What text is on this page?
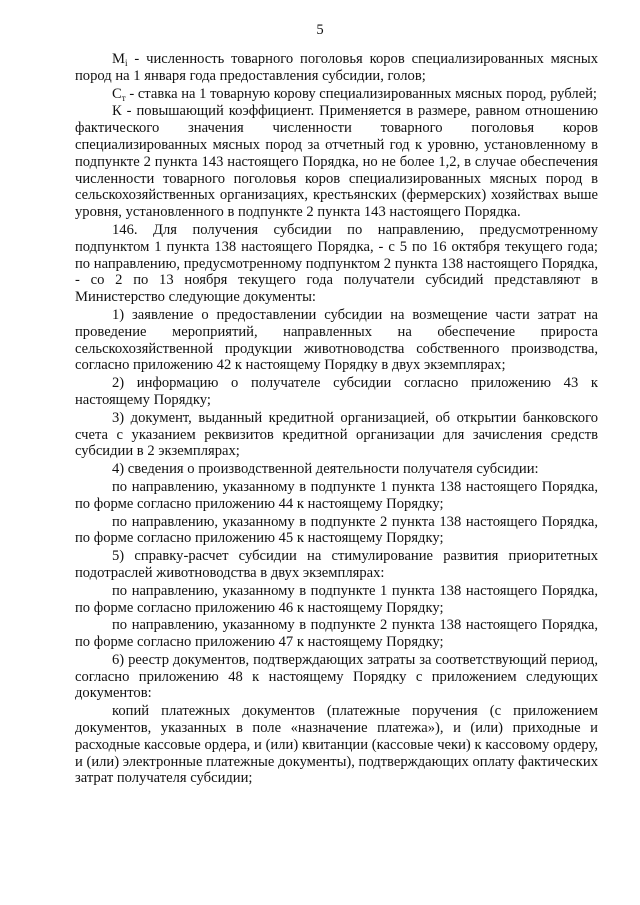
5

$M_i$ - численность товарного поголовья коров специализированных мясных пород на 1 января года предоставления субсидии, голов;

$С_т$ - ставка на 1 товарную корову специализированных мясных пород, рублей;

К - повышающий коэффициент. Применяется в размере, равном отношению фактического значения численности товарного поголовья коров специализированных мясных пород за отчетный год к уровню, установленному в подпункте 2 пункта 143 настоящего Порядка, но не более 1,2, в случае обеспечения численности товарного поголовья коров специализированных мясных пород в сельскохозяйственных организациях, крестьянских (фермерских) хозяйствах выше уровня, установленного в подпункте 2 пункта 143 настоящего Порядка.

146. Для получения субсидии по направлению, предусмотренному подпунктом 1 пункта 138 настоящего Порядка, - с 5 по 16 октября текущего года; по направлению, предусмотренному подпунктом 2 пункта 138 настоящего Порядка, - со 2 по 13 ноября текущего года получатели субсидий представляют в Министерство следующие документы:

1) заявление о предоставлении субсидии на возмещение части затрат на проведение мероприятий, направленных на обеспечение прироста сельскохозяйственной продукции животноводства собственного производства, согласно приложению 42 к настоящему Порядку в двух экземплярах;

2) информацию о получателе субсидии согласно приложению 43 к настоящему Порядку;

3) документ, выданный кредитной организацией, об открытии банковского счета с указанием реквизитов кредитной организации для зачисления средств субсидии в 2 экземплярах;

4) сведения о производственной деятельности получателя субсидии:

по направлению, указанному в подпункте 1 пункта 138 настоящего Порядка, по форме согласно приложению 44 к настоящему Порядку;

по направлению, указанному в подпункте 2 пункта 138 настоящего Порядка, по форме согласно приложению 45 к настоящему Порядку;

5) справку-расчет субсидии на стимулирование развития приоритетных подотраслей животноводства в двух экземплярах:

по направлению, указанному в подпункте 1 пункта 138 настоящего Порядка, по форме согласно приложению 46 к настоящему Порядку;

по направлению, указанному в подпункте 2 пункта 138 настоящего Порядка, по форме согласно приложению 47 к настоящему Порядку;

6) реестр документов, подтверждающих затраты за соответствующий период, согласно приложению 48 к настоящему Порядку с приложением следующих документов:

копий платежных документов (платежные поручения (с приложением документов, указанных в поле «назначение платежа»), и (или) приходные и расходные кассовые ордера, и (или) квитанции (кассовые чеки) к кассовому ордеру, и (или) электронные платежные документы), подтверждающих оплату фактических затрат получателя субсидии;
